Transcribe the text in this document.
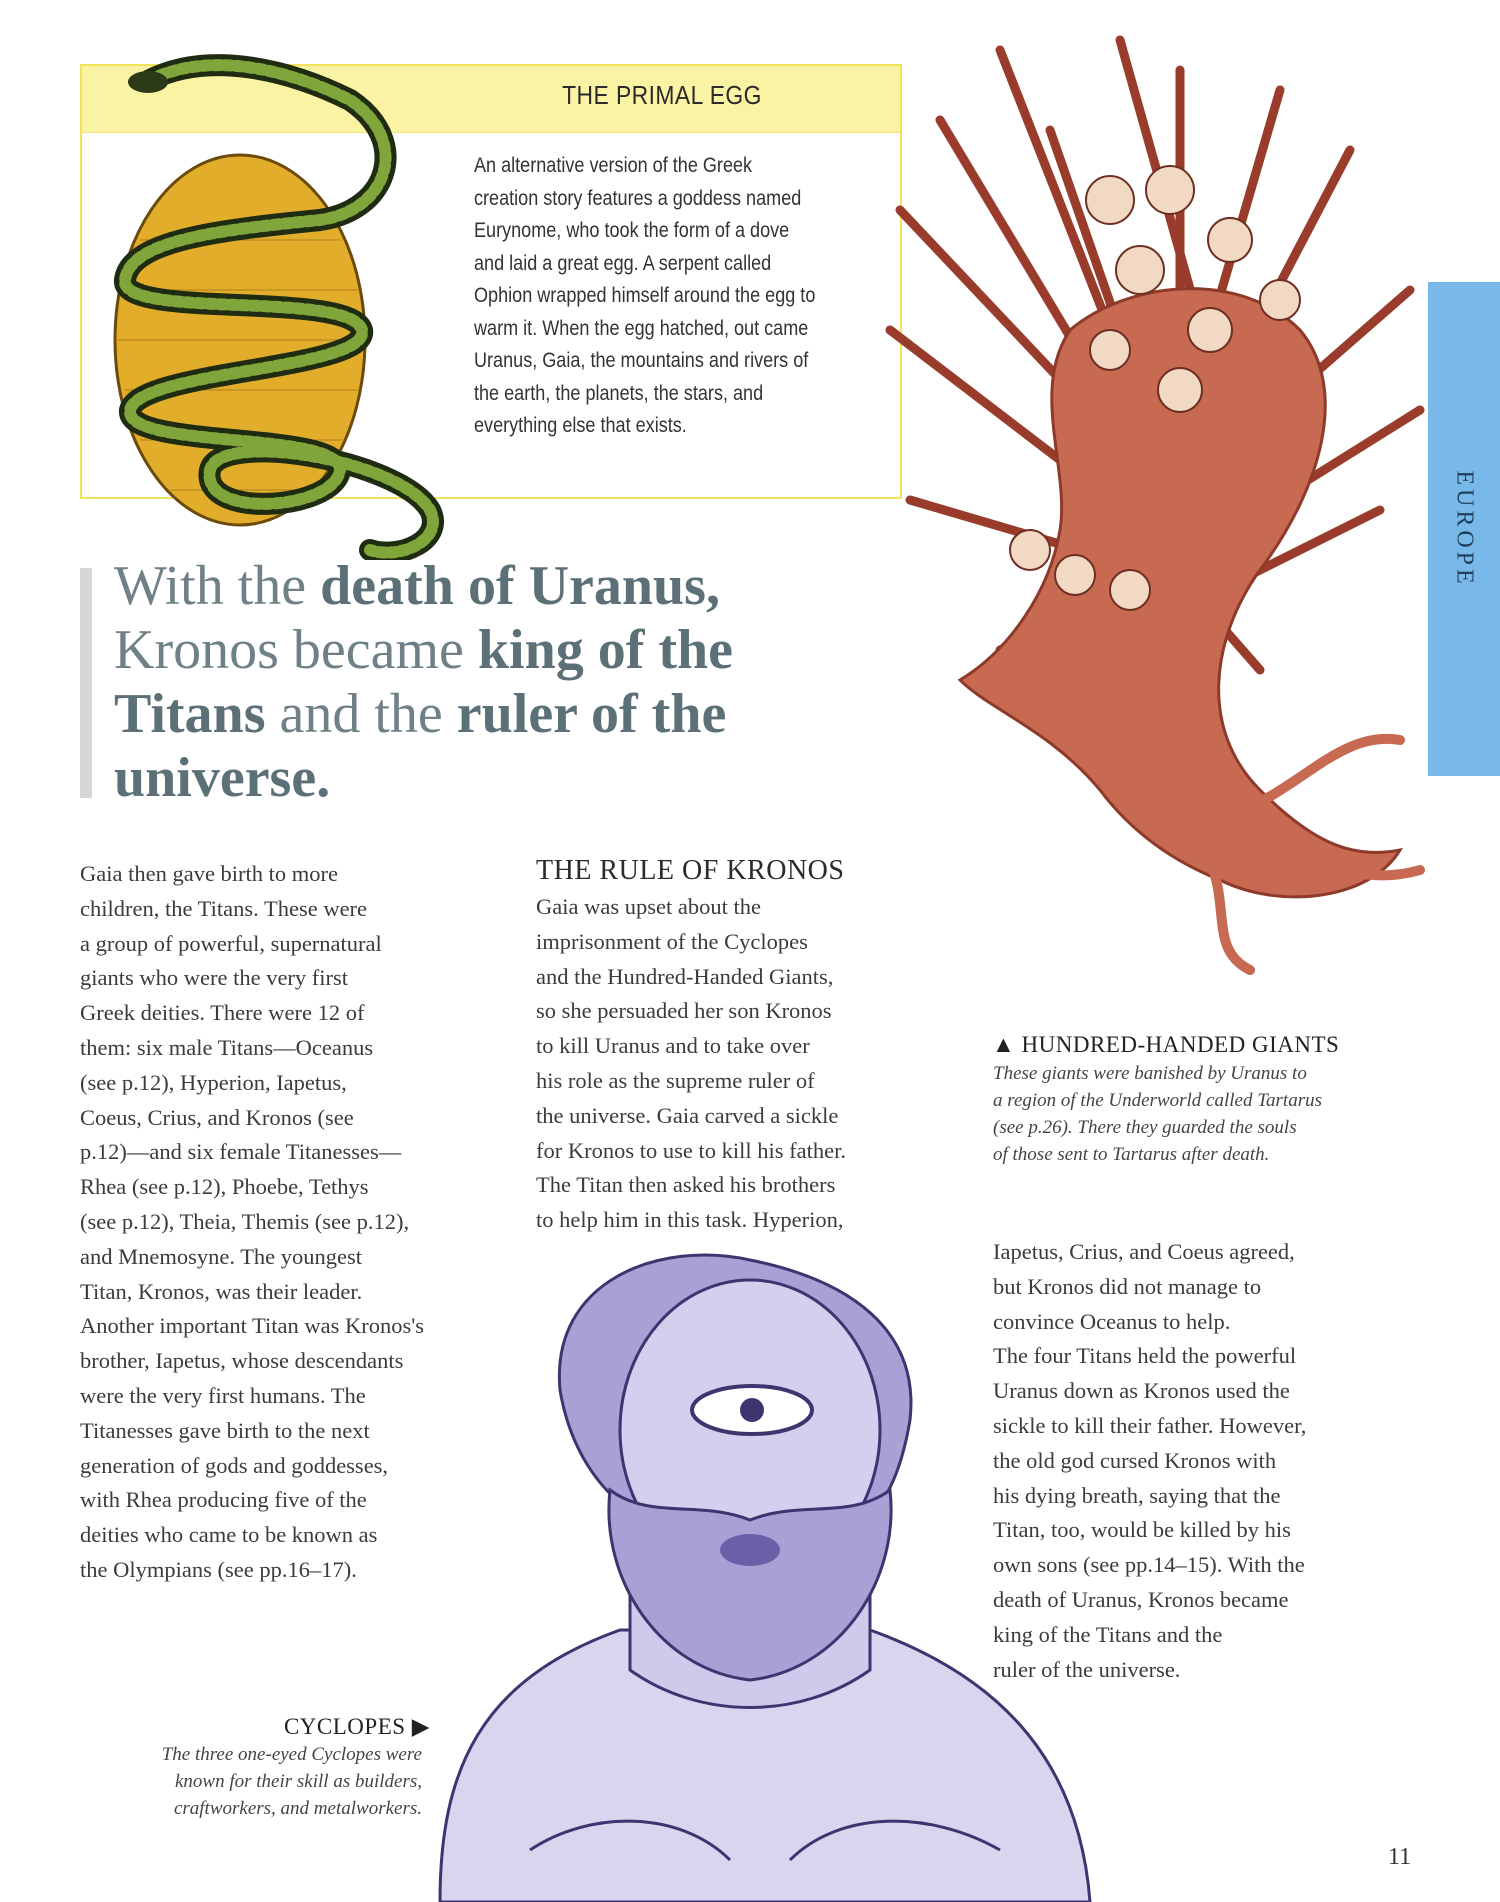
THE PRIMAL EGG
An alternative version of the Greek
creation story features a goddess named
Eurynome, who took the form of a dove
and laid a great egg. A serpent called
Ophion wrapped himself around the egg to
warm it. When the egg hatched, out came
Uranus, Gaia, the mountains and rivers of
the earth, the planets, the stars, and
everything else that exists.
EUROPE
With the death of Uranus, Kronos became king of the Titans and the ruler of the universe.
Gaia then gave birth to more
children, the Titans. These were
a group of powerful, supernatural
giants who were the very first
Greek deities. There were 12 of
them: six male Titans—Oceanus
(see p.12), Hyperion, Iapetus,
Coeus, Crius, and Kronos (see
p.12)—and six female Titanesses—
Rhea (see p.12), Phoebe, Tethys
(see p.12), Theia, Themis (see p.12),
and Mnemosyne. The youngest
Titan, Kronos, was their leader.
Another important Titan was Kronos's
brother, Iapetus, whose descendants
were the very first humans. The
Titanesses gave birth to the next
generation of gods and goddesses,
with Rhea producing five of the
deities who came to be known as
the Olympians (see pp.16–17).
THE RULE OF KRONOS
Gaia was upset about the
imprisonment of the Cyclopes
and the Hundred-Handed Giants,
so she persuaded her son Kronos
to kill Uranus and to take over
his role as the supreme ruler of
the universe. Gaia carved a sickle
for Kronos to use to kill his father.
The Titan then asked his brothers
to help him in this task. Hyperion,
Iapetus, Crius, and Coeus agreed,
but Kronos did not manage to
convince Oceanus to help.
The four Titans held the powerful
Uranus down as Kronos used the
sickle to kill their father. However,
the old god cursed Kronos with
his dying breath, saying that the
Titan, too, would be killed by his
own sons (see pp.14–15). With the
death of Uranus, Kronos became
king of the Titans and the
ruler of the universe.
▲ HUNDRED-HANDED GIANTS
These giants were banished by Uranus to
a region of the Underworld called Tartarus
(see p.26). There they guarded the souls
of those sent to Tartarus after death.
CYCLOPES ▶
The three one-eyed Cyclopes were
known for their skill as builders,
craftworkers, and metalworkers.
11
